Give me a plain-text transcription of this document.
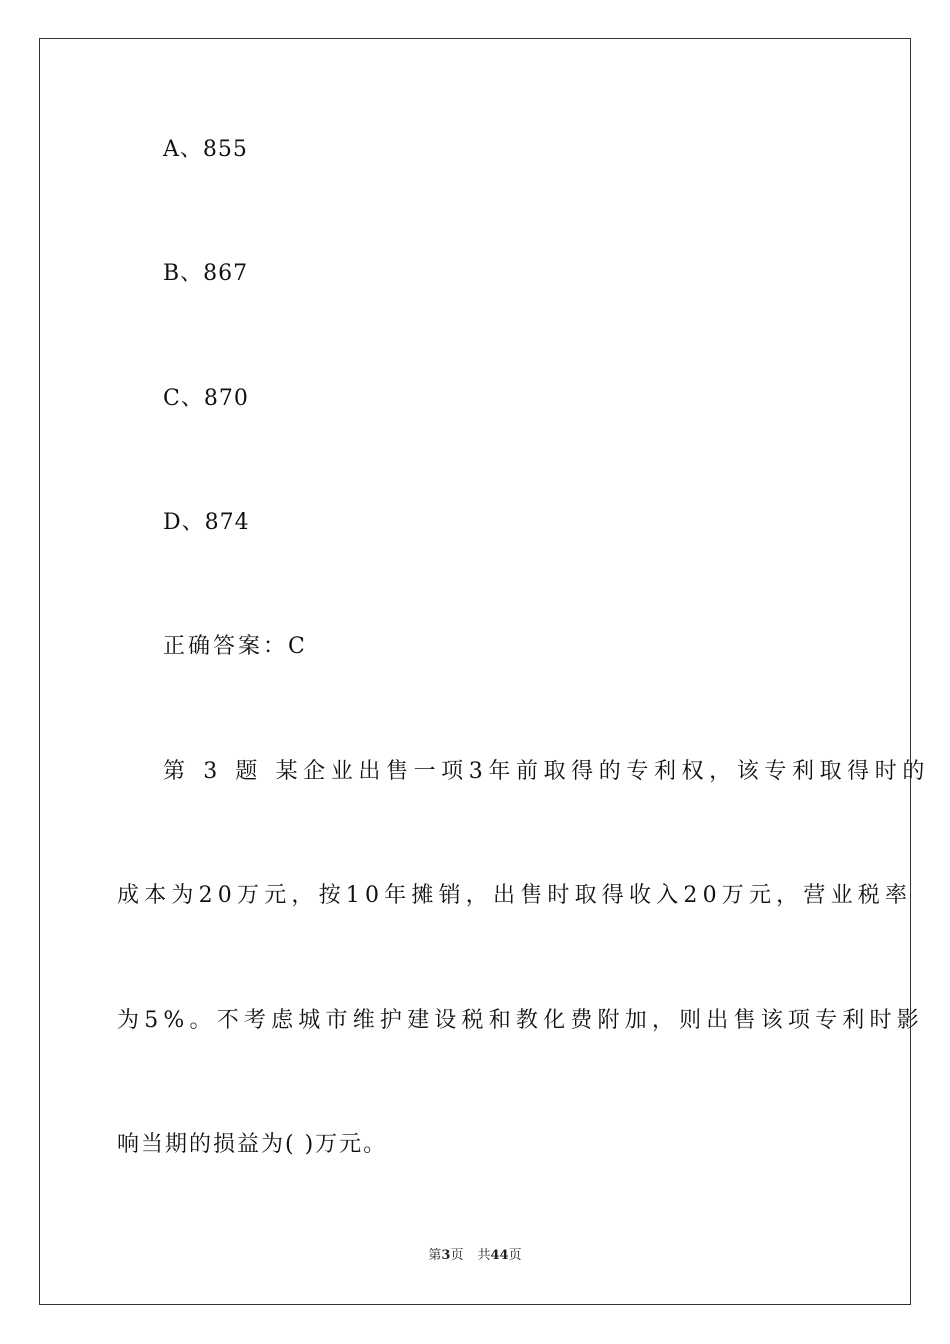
A、855
B、867
C、870
D、874
正确答案：C
第 3 题 某企业出售一项3年前取得的专利权，该专利取得时的
成本为20万元，按10年摊销，出售时取得收入20万元，营业税率
为5%。不考虑城市维护建设税和教化费附加，则出售该项专利时影
响当期的损益为( )万元。
第3页 共44页
